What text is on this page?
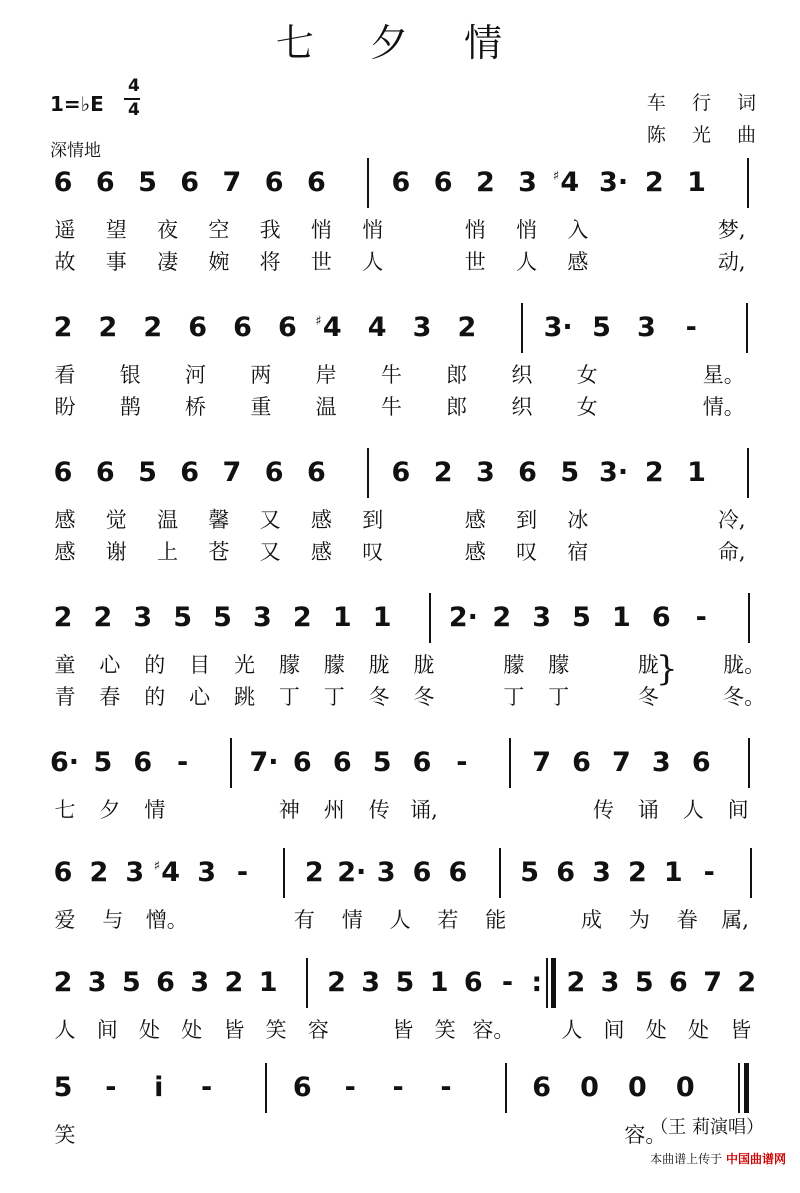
七 夕 情
1=♭E
4
4	车 行 词
陈 光 曲
深情地
6 6 5 6 7 6 6 6 6 2 3 ♯ 4 3· 2 1
遥 望 夜 空 我 悄 悄	悄 悄 入	梦,
故 事 凄 婉 将 世 人	世 人 感	动,
2 2 2 6 6 6 ♯ 4 4 3 2 3· 5 3 -
看 银 河 两 岸 牛 郎 织 女	星。
盼 鹊 桥 重 温 牛 郎 织 女	情。
6 6 5 6 7 6 6 6 2 3 6 5 3· 2 1
感 觉 温 馨 又 感 到	感 到 冰	冷,
感 谢 上 苍 又 感 叹	感 叹 宿	命,
2 2 3 5 5 3 2 1 1 2· 2 3 5 1 6 -
童 心 的 目 光 朦 朦 胧 胧	朦 朦	胧	胧。
青 春 的 心 跳 丁 丁 冬 冬	丁 丁	冬	冬。
}
6· 5 6 - 7· 6 6 5 6 - 7 6 7 3 6
七 夕 情	神 州 传 诵,	传 诵 人 间
6 2 3 ♯ 4 3 - 2 2· 3 6 6 5 6 3 2 1 -
爱 与 憎。	有 情 人 若 能	成 为 眷 属,
2 3 5 6 3 2 1 2 3 5 1 6 - : 2 3 5 6 7 2
人 间 处 处 皆 笑 容	皆 笑 容。 人 间 处 处 皆
5 -	i	-	6 - - -	6 0 0 0
笑	容。
（王 莉演唱）
本曲谱上传于 中国曲谱网
